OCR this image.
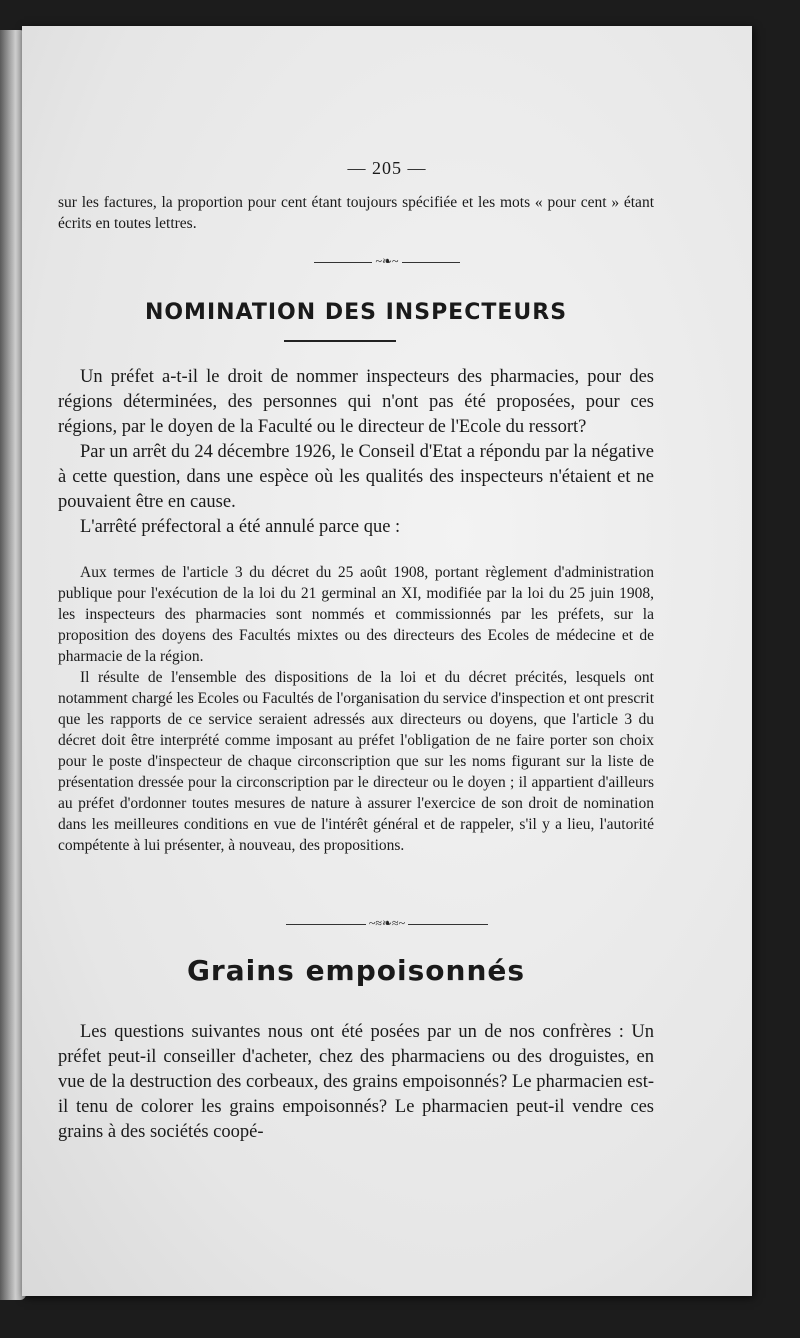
— 205 —

sur les factures, la proportion pour cent étant toujours spécifiée et les mots « pour cent » étant écrits en toutes lettres.

~❧~
NOMINATION DES INSPECTEURS

Un préfet a-t-il le droit de nommer inspecteurs des pharmacies, pour des régions déterminées, des personnes qui n'ont pas été proposées, pour ces régions, par le doyen de la Faculté ou le directeur de l'Ecole du ressort?

Par un arrêt du 24 décembre 1926, le Conseil d'Etat a répondu par la négative à cette question, dans une espèce où les qualités des inspecteurs n'étaient et ne pouvaient être en cause.

L'arrêté préfectoral a été annulé parce que :

Aux termes de l'article 3 du décret du 25 août 1908, portant règlement d'administration publique pour l'exécution de la loi du 21 germinal an XI, modifiée par la loi du 25 juin 1908, les inspecteurs des pharmacies sont nommés et commissionnés par les préfets, sur la proposition des doyens des Facultés mixtes ou des directeurs des Ecoles de médecine et de pharmacie de la région.

Il résulte de l'ensemble des dispositions de la loi et du décret précités, lesquels ont notamment chargé les Ecoles ou Facultés de l'organisation du service d'inspection et ont prescrit que les rapports de ce service seraient adressés aux directeurs ou doyens, que l'article 3 du décret doit être interprété comme imposant au préfet l'obligation de ne faire porter son choix pour le poste d'inspecteur de chaque circonscription que sur les noms figurant sur la liste de présentation dressée pour la circonscription par le directeur ou le doyen ; il appartient d'ailleurs au préfet d'ordonner toutes mesures de nature à assurer l'exercice de son droit de nomination dans les meilleures conditions en vue de l'intérêt général et de rappeler, s'il y a lieu, l'autorité compétente à lui présenter, à nouveau, des propositions.

~≈❧≈~
Grains empoisonnés

Les questions suivantes nous ont été posées par un de nos confrères : Un préfet peut-il conseiller d'acheter, chez des pharmaciens ou des droguistes, en vue de la destruction des corbeaux, des grains empoisonnés? Le pharmacien est-il tenu de colorer les grains empoisonnés? Le pharmacien peut-il vendre ces grains à des sociétés coopé-
